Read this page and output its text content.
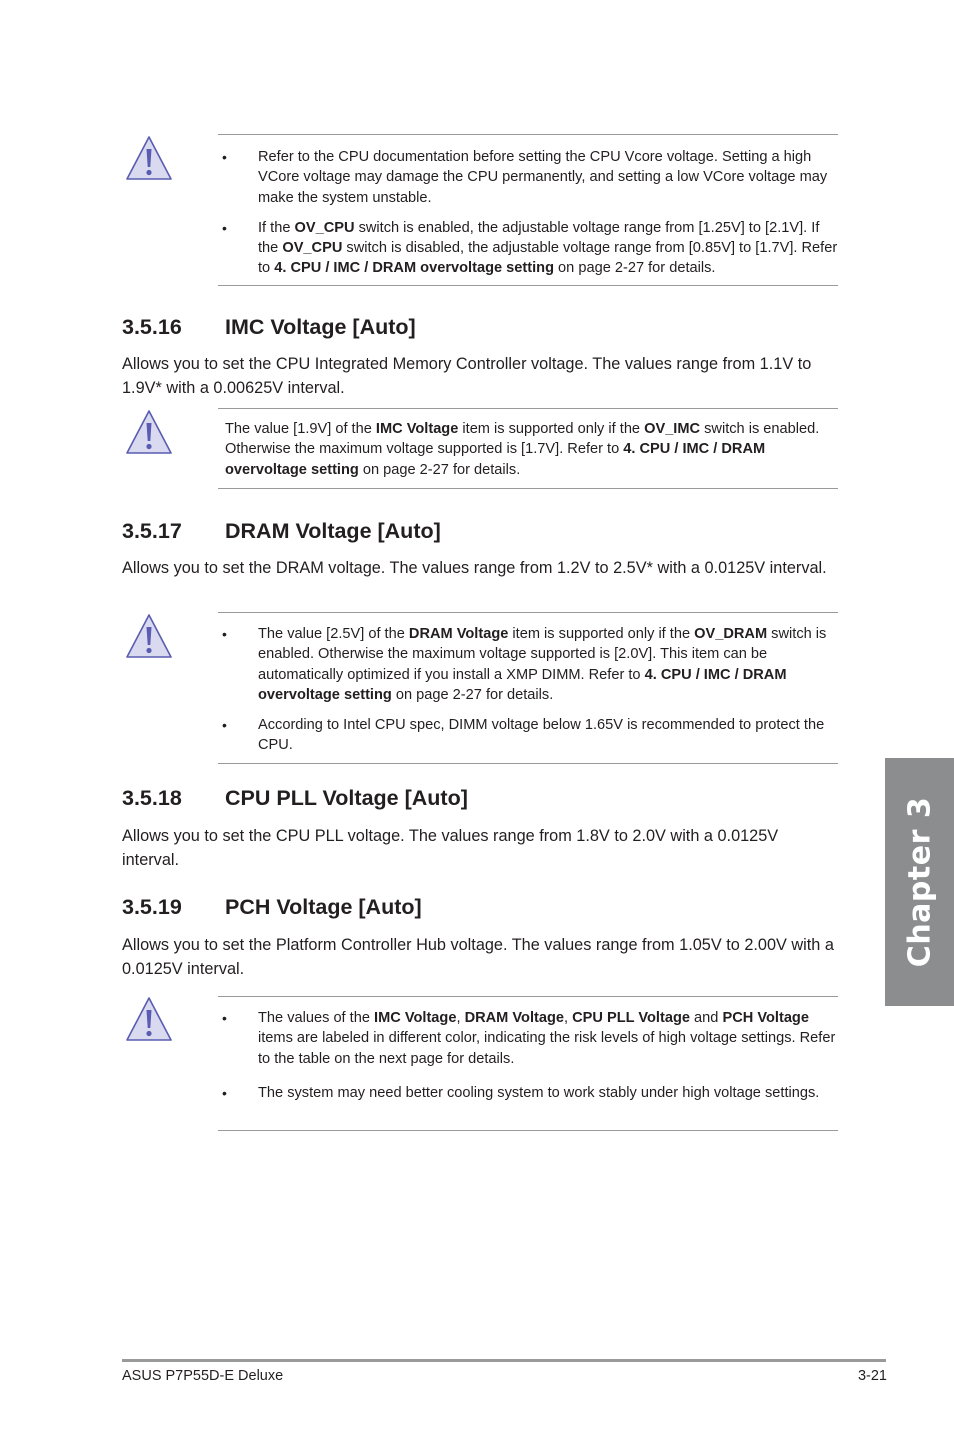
• Refer to the CPU documentation before setting the CPU Vcore voltage. Setting a high VCore voltage may damage the CPU permanently, and setting a low VCore voltage may make the system unstable.
• If the OV_CPU switch is enabled, the adjustable voltage range from [1.25V] to [2.1V]. If the OV_CPU switch is disabled, the adjustable voltage range from [0.85V] to [1.7V]. Refer to 4. CPU / IMC / DRAM overvoltage setting on page 2-27 for details.
3.5.16 IMC Voltage [Auto]

Allows you to set the CPU Integrated Memory Controller voltage. The values range from 1.1V to 1.9V* with a 0.00625V interval.

The value [1.9V] of the IMC Voltage item is supported only if the OV_IMC switch is enabled. Otherwise the maximum voltage supported is [1.7V]. Refer to 4. CPU / IMC / DRAM overvoltage setting on page 2-27 for details.
3.5.17 DRAM Voltage [Auto]

Allows you to set the DRAM voltage. The values range from 1.2V to 2.5V* with a 0.0125V interval.

• The value [2.5V] of the DRAM Voltage item is supported only if the OV_DRAM switch is enabled. Otherwise the maximum voltage supported is [2.0V]. This item can be automatically optimized if you install a XMP DIMM. Refer to 4. CPU / IMC / DRAM overvoltage setting on page 2-27 for details.
• According to Intel CPU spec, DIMM voltage below 1.65V is recommended to protect the CPU.
3.5.18 CPU PLL Voltage [Auto]

Allows you to set the CPU PLL voltage. The values range from 1.8V to 2.0V with a 0.0125V interval.

3.5.19 PCH Voltage [Auto]

Allows you to set the Platform Controller Hub voltage. The values range from 1.05V to 2.00V with a 0.0125V interval.

• The values of the IMC Voltage, DRAM Voltage, CPU PLL Voltage and PCH Voltage items are labeled in different color, indicating the risk levels of high voltage settings. Refer to the table on the next page for details.
• The system may need better cooling system to work stably under high voltage settings.
Chapter 3
ASUS P7P55D-E Deluxe	3-21
